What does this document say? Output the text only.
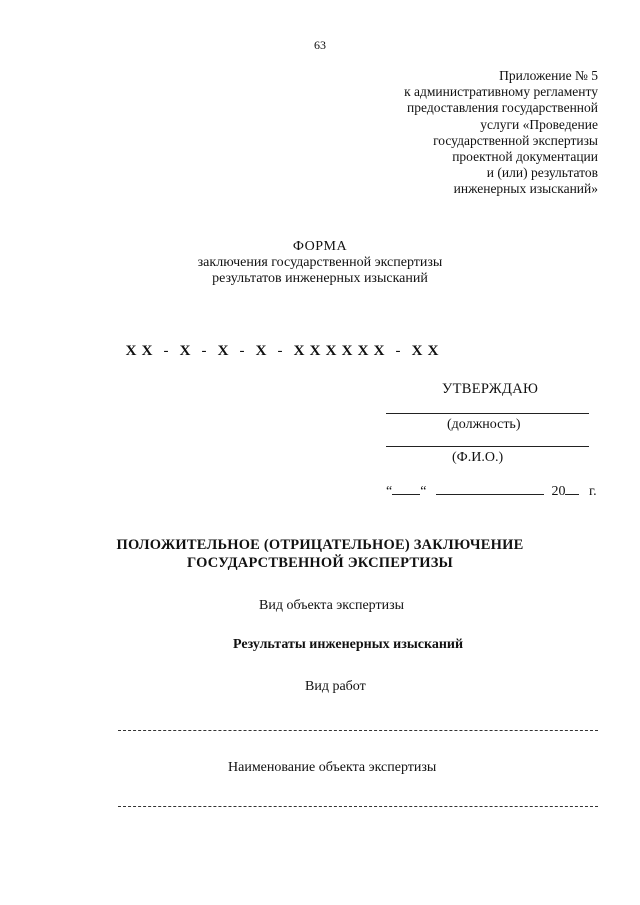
63
Приложение № 5
к административному регламенту
предоставления государственной
услуги «Проведение
государственной экспертизы
проектной документации
и (или) результатов
инженерных изысканий»
ФОРМА
заключения государственной экспертизы
результатов инженерных изысканий
Х Х - Х - Х - Х - Х Х Х Х Х Х - Х Х
УТВЕРЖДАЮ
(должность)
(Ф.И.О.)
“ “	20 г.
ПОЛОЖИТЕЛЬНОЕ (ОТРИЦАТЕЛЬНОЕ) ЗАКЛЮЧЕНИЕ
ГОСУДАРСТВЕННОЙ ЭКСПЕРТИЗЫ
Вид объекта экспертизы
Результаты инженерных изысканий
Вид работ
Наименование объекта экспертизы
